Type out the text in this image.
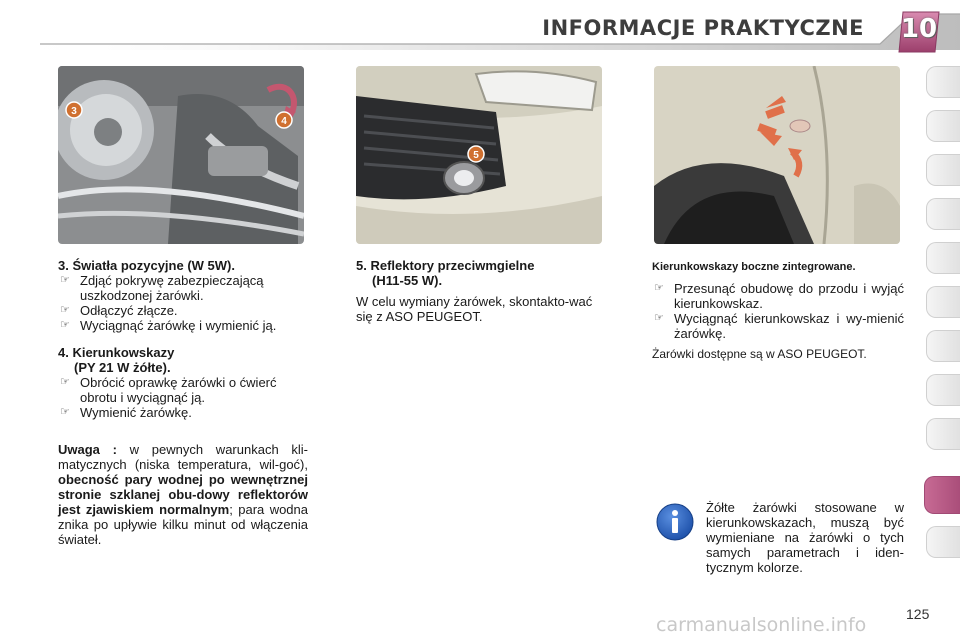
INFORMACJE PRAKTYCZNE 10
3
4
5

3. Światła pozycyjne (W 5W).

☞ Zdjąć pokrywę zabezpieczającą uszkodzonej żarówki.

☞ Odłączyć złącze.

☞ Wyciągnąć żarówkę i wymienić ją.

4. Kierunkowskazy
(PY 21 W żółte).

☞ Obrócić oprawkę żarówki o ćwierć obrotu i wyciągnąć ją.

☞ Wymienić żarówkę.

Uwaga : w pewnych warunkach kli-matycznych (niska temperatura, wil-goć), obecność pary wodnej po wewnętrznej stronie szklanej obu-dowy reflektorów jest zjawiskiem normalnym; para wodna znika po upływie kilku minut od włączenia świateł.

5. Reflektory przeciwmgielne
(H11-55 W).

W celu wymiany żarówek, skontakto-wać się z ASO PEUGEOT.

Kierunkowskazy boczne zintegrowane.

☞ Przesunąć obudowę do przodu i wyjąć kierunkowskaz.

☞ Wyciągnąć kierunkowskaz i wy-mienić żarówkę.

Żarówki dostępne są w ASO PEUGEOT.

Żółte żarówki stosowane w kierunkowskazach, muszą być wymieniane na żarówki o tych samych parametrach i iden-tycznym kolorze.

125
carmanualsonline.info
